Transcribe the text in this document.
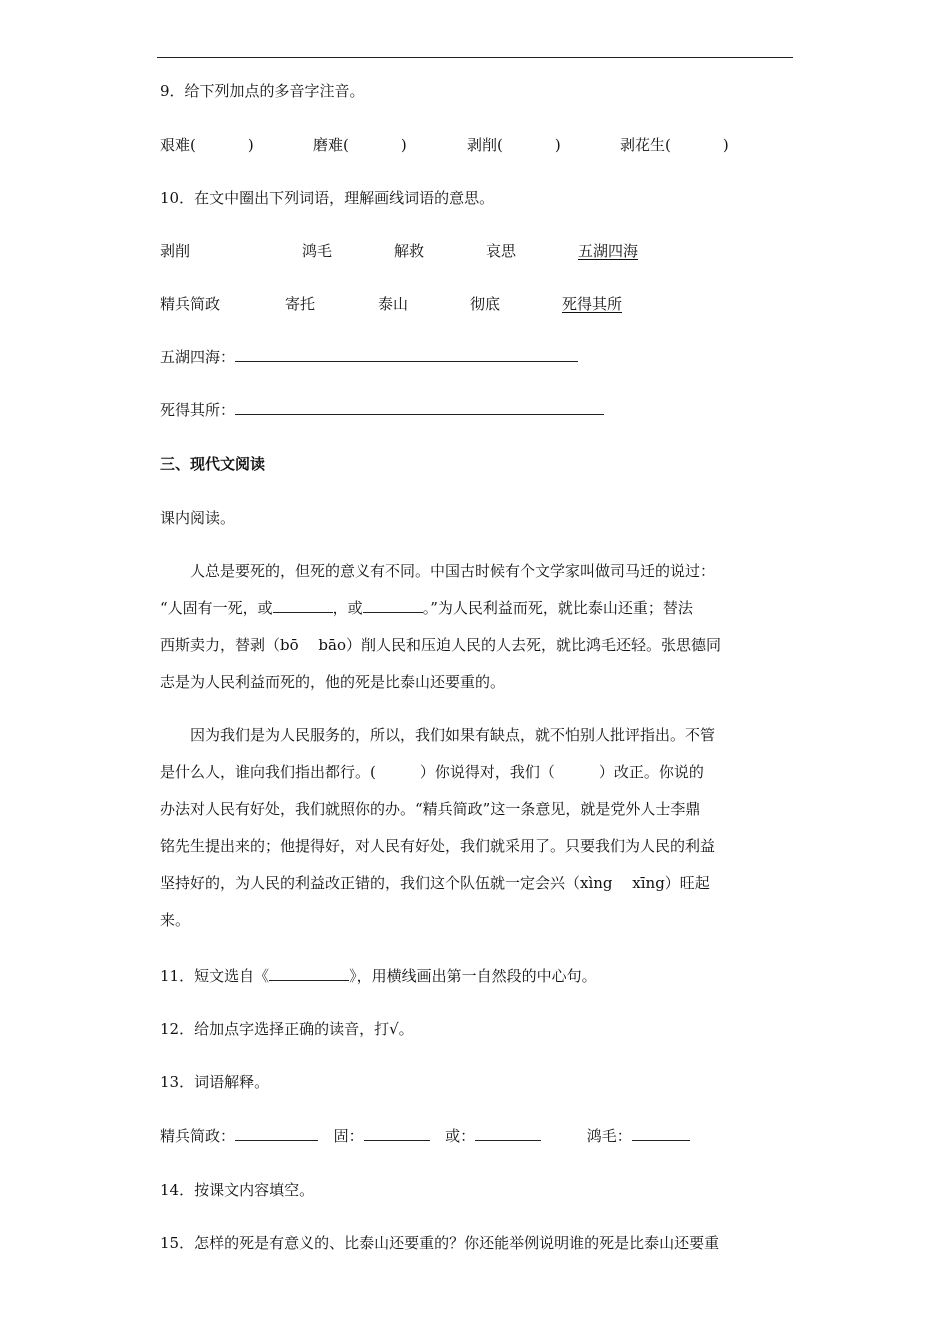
9．给下列加点的多音字注音。
艰难(	)	磨难(	)	剥削(	)	剥花生(	)
10．在文中圈出下列词语，理解画线词语的意思。
剥削	鸿毛	解救	哀思	五湖四海
精兵简政	寄托	泰山	彻底	死得其所
五湖四海：
死得其所：
三、现代文阅读
课内阅读。
人总是要死的，但死的意义有不同。中国古时候有个文学家叫做司马迁的说过：
“人固有一死，或	，或	。”为人民利益而死，就比泰山还重；替法
西斯卖力，替剥（bō　 bāo）削人民和压迫人民的人去死，就比鸿毛还轻。张思德同
志是为人民利益而死的，他的死是比泰山还要重的。
因为我们是为人民服务的，所以，我们如果有缺点，就不怕别人批评指出。不管
是什么人，谁向我们指出都行。(	）你说得对，我们（	）改正。你说的
办法对人民有好处，我们就照你的办。“精兵简政”这一条意见，就是党外人士李鼎
铭先生提出来的；他提得好，对人民有好处，我们就采用了。只要我们为人民的利益
坚持好的，为人民的利益改正错的，我们这个队伍就一定会兴（xìng　 xīng）旺起
来。
11．短文选自《	》，用横线画出第一自然段的中心句。
12．给加点字选择正确的读音，打√。
13．词语解释。
精兵简政：	固：	或：	鸿毛：
14．按课文内容填空。
15．怎样的死是有意义的、比泰山还要重的？你还能举例说明谁的死是比泰山还要重
